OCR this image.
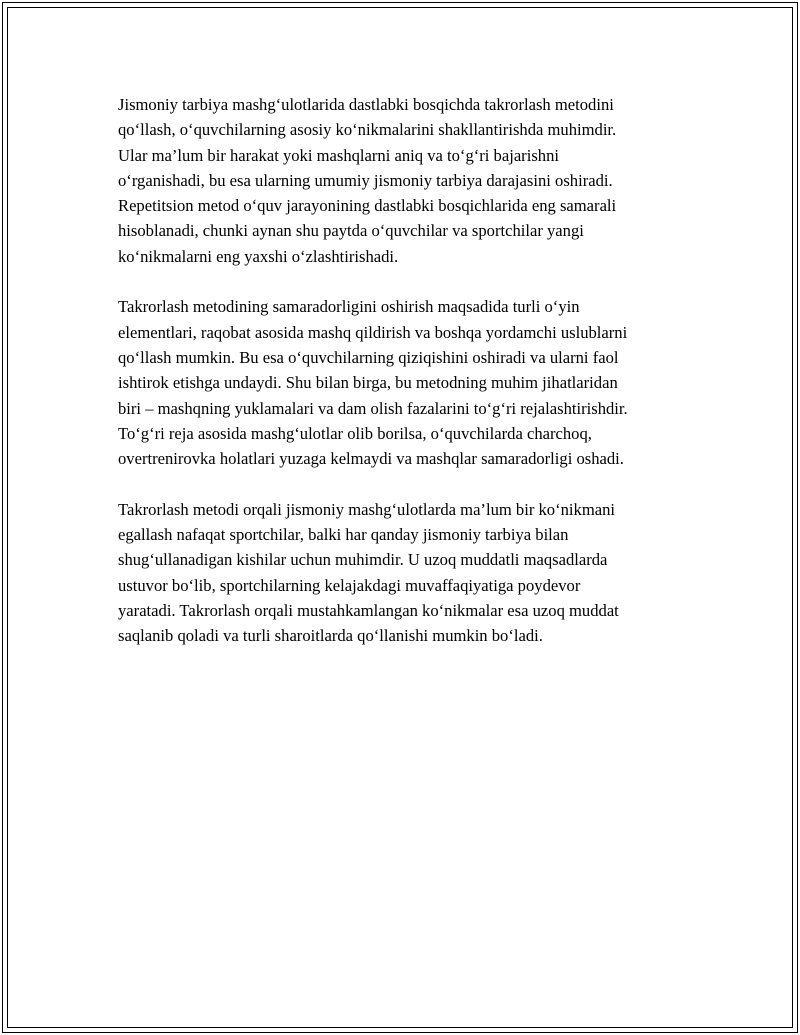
Jismoniy tarbiya mashg‘ulotlarida dastlabki bosqichda takrorlash metodini
qo‘llash, o‘quvchilarning asosiy ko‘nikmalarini shakllantirishda muhimdir.
Ular ma’lum bir harakat yoki mashqlarni aniq va to‘g‘ri bajarishni
o‘rganishadi, bu esa ularning umumiy jismoniy tarbiya darajasini oshiradi.
Repetitsion metod o‘quv jarayonining dastlabki bosqichlarida eng samarali
hisoblanadi, chunki aynan shu paytda o‘quvchilar va sportchilar yangi
ko‘nikmalarni eng yaxshi o‘zlashtirishadi.

Takrorlash metodining samaradorligini oshirish maqsadida turli o‘yin
elementlari, raqobat asosida mashq qildirish va boshqa yordamchi uslublarni
qo‘llash mumkin. Bu esa o‘quvchilarning qiziqishini oshiradi va ularni faol
ishtirok etishga undaydi. Shu bilan birga, bu metodning muhim jihatlaridan
biri – mashqning yuklamalari va dam olish fazalarini to‘g‘ri rejalashtirishdir.
To‘g‘ri reja asosida mashg‘ulotlar olib borilsa, o‘quvchilarda charchoq,
overtrenirovka holatlari yuzaga kelmaydi va mashqlar samaradorligi oshadi.

Takrorlash metodi orqali jismoniy mashg‘ulotlarda ma’lum bir ko‘nikmani
egallash nafaqat sportchilar, balki har qanday jismoniy tarbiya bilan
shug‘ullanadigan kishilar uchun muhimdir. U uzoq muddatli maqsadlarda
ustuvor bo‘lib, sportchilarning kelajakdagi muvaffaqiyatiga poydevor
yaratadi. Takrorlash orqali mustahkamlangan ko‘nikmalar esa uzoq muddat
saqlanib qoladi va turli sharoitlarda qo‘llanishi mumkin bo‘ladi.
